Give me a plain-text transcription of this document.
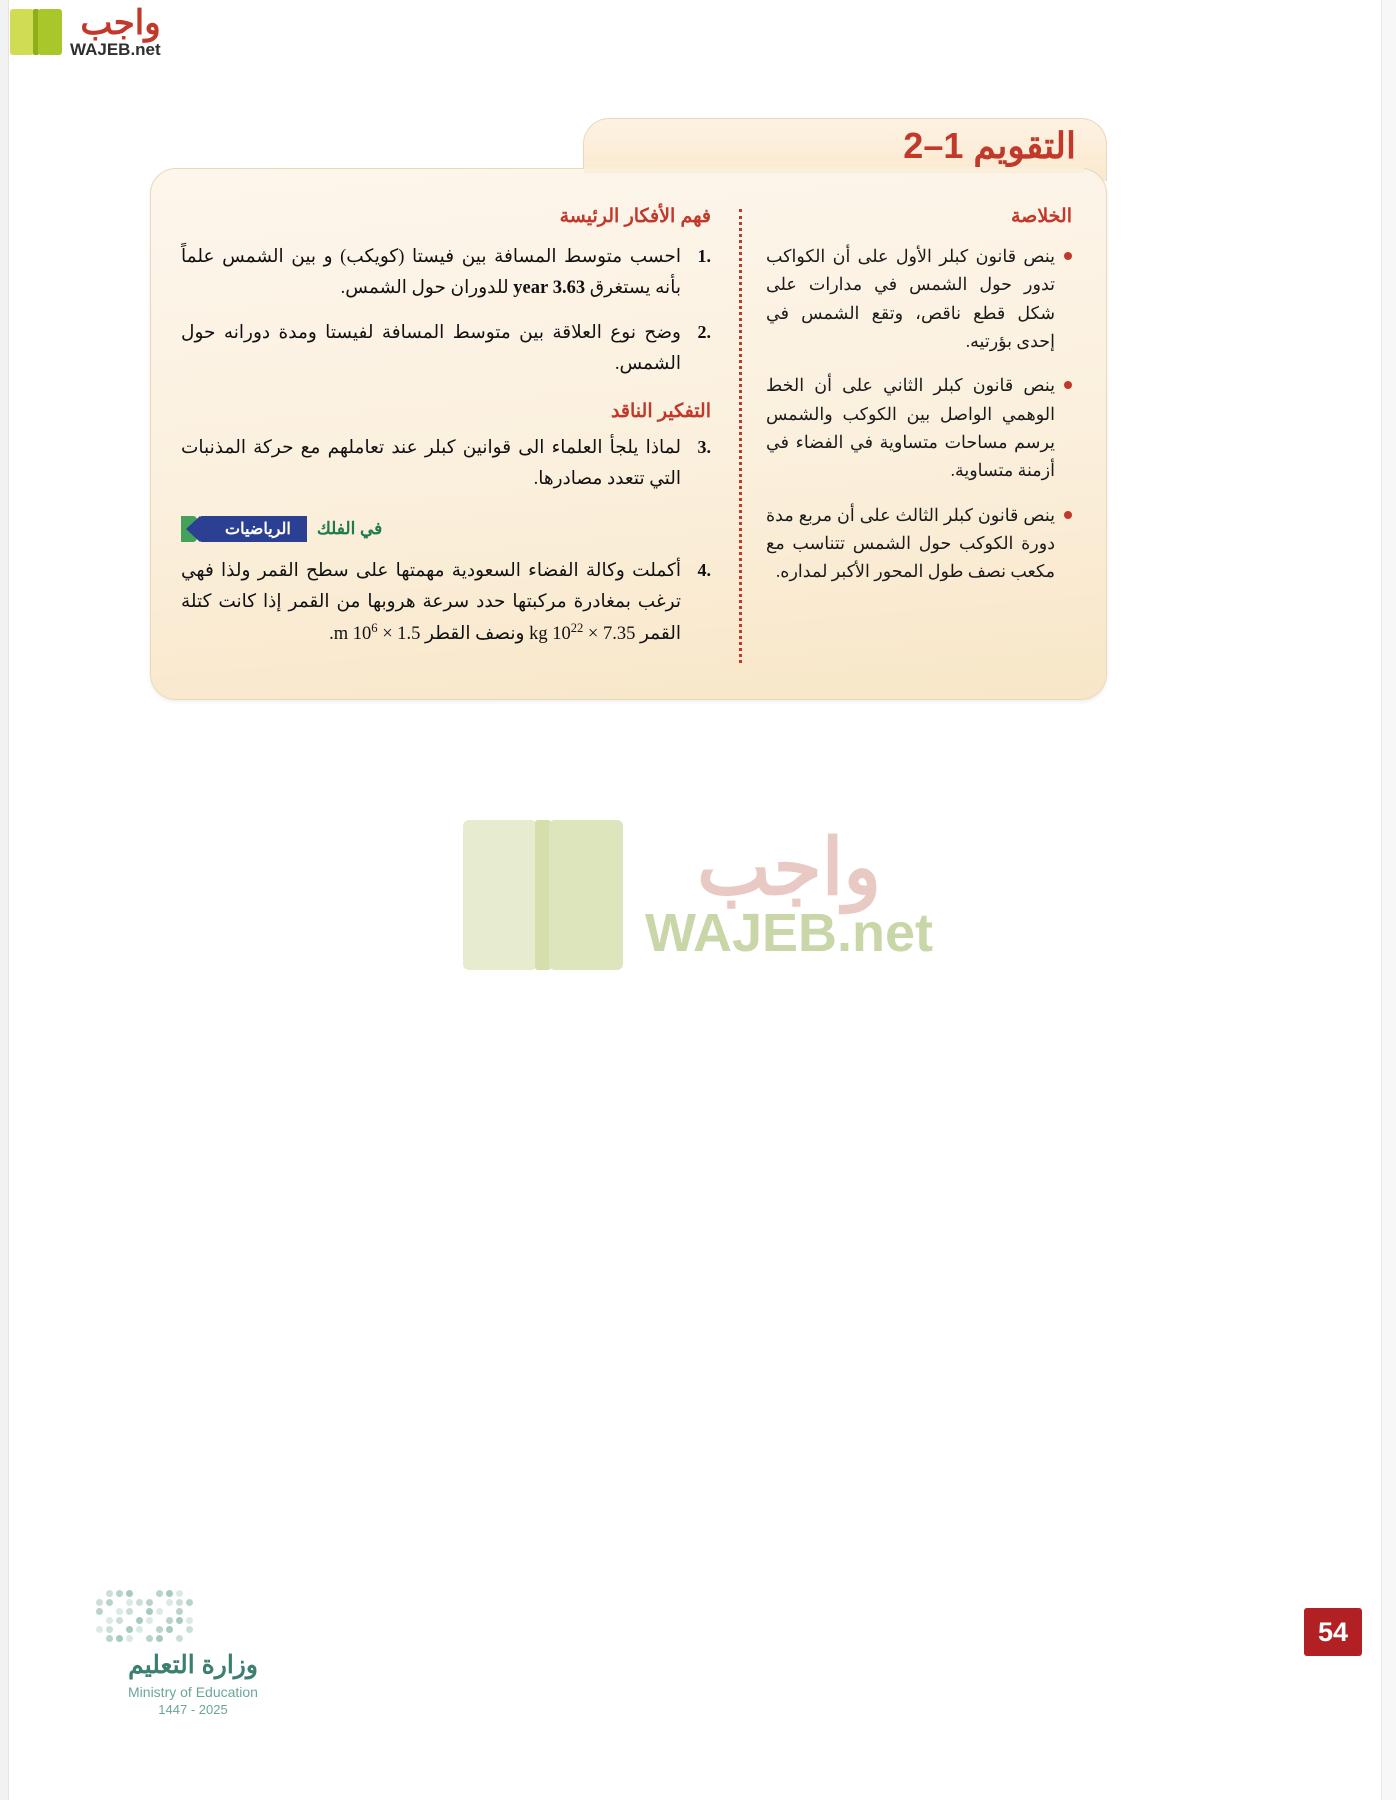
واجب
WAJEB.net
التقويم 1–2
الخلاصة
ينص قانون كبلر الأول على أن الكواكب تدور حول الشمس في مدارات على شكل قطع ناقص، وتقع الشمس في إحدى بؤرتيه.
ينص قانون كبلر الثاني على أن الخط الوهمي الواصل بين الكوكب والشمس يرسم مساحات متساوية في الفضاء في أزمنة متساوية.
ينص قانون كبلر الثالث على أن مربع مدة دورة الكوكب حول الشمس تتناسب مع مكعب نصف طول المحور الأكبر لمداره.
فهم الأفكار الرئيسة
.1
احسب متوسط المسافة بين فيستا (كويكب) و بين الشمس علماً بأنه يستغرق 3.63 year للدوران حول الشمس.
.2
وضح نوع العلاقة بين متوسط المسافة لفيستا ومدة دورانه حول الشمس.
التفكير الناقد
.3
لماذا يلجأ العلماء الى قوانين كبلر عند تعاملهم مع حركة المذنبات التي تتعدد مصادرها.
في الفلك
الرياضيات
.4
أكملت وكالة الفضاء السعودية مهمتها على سطح القمر ولذا فهي ترغب بمغادرة مركبتها حدد سرعة هروبها من القمر إذا كانت كتلة القمر $7.35 \times 10^{22}$ kg ونصف القطر $1.5 \times 10^6$ m.
واجب
WAJEB.net
وزارة التعليم
Ministry of Education
2025 - 1447
54
